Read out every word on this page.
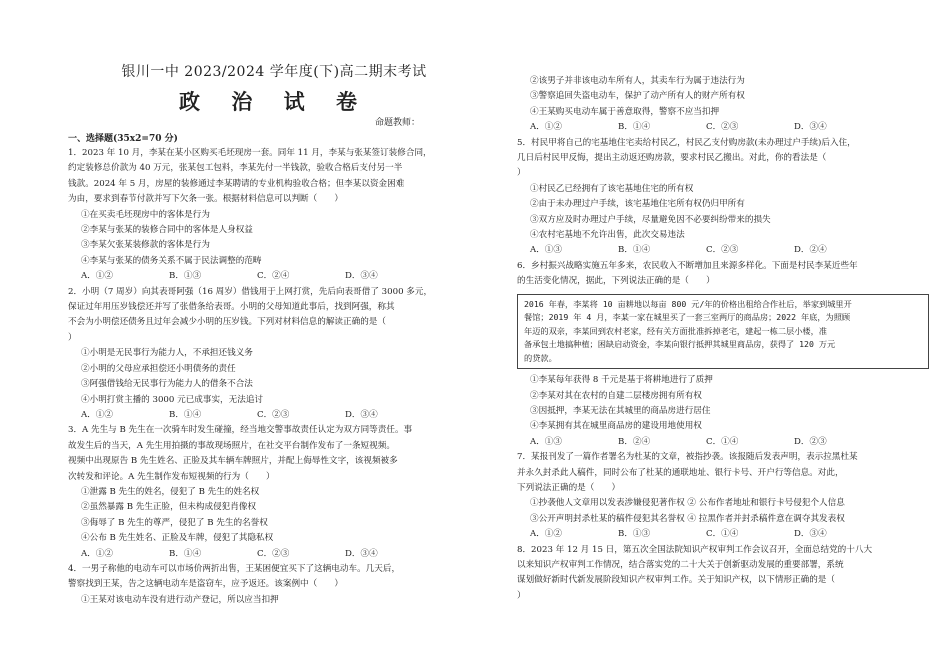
银川一中 2023/2024 学年度(下)高二期末考试
政 治 试 卷
命题教师：
一、选择题(35x2=70 分)

1．2023 年 10 月，李某在某小区购买毛坯现房一套。同年 11 月，李某与张某签订装修合同，

约定装修总价款为 40 万元，张某包工包料，李某先付一半钱款，验收合格后支付另一半

钱款。2024 年 5 月，房屋的装修通过李某聘请的专业机构验收合格；但李某以资金困难

为由，要求到春节付款并写下欠条一张。根据材料信息可以判断（　　）

①在买卖毛坯现房中的客体是行为

②李某与张某的装修合同中的客体是人身权益

③李某欠张某装修款的客体是行为

④李某与张某的债务关系不属于民法调整的范畴

A．①②	B．①③	C．②④	D．③④

2．小明（7 周岁）向其表哥阿强（16 周岁）借钱用于上网打赏，先后向表哥借了 3000 多元，

保证过年用压岁钱偿还并写了张借条给表哥。小明的父母知道此事后，找到阿强，称其

不会为小明偿还债务且过年会减少小明的压岁钱。下列对材料信息的解读正确的是（

）

①小明是无民事行为能力人，不承担还钱义务

②小明的父母应承担偿还小明债务的责任

③阿强借钱给无民事行为能力人的借条不合法

④小明打赏主播的 3000 元已成事实，无法追讨

A．①②	B．①④	C．②③	D．③④

3．A 先生与 B 先生在一次骑车时发生碰撞，经当地交警事故责任认定为双方同等责任。事

故发生后的当天，A 先生用拍摄的事故现场照片，在社交平台制作发布了一条短视频。

视频中出现原告 B 先生姓名、正脸及其车辆车牌照片，并配上侮辱性文字，该视频被多

次转发和评论。A 先生制作发布短视频的行为（　　）

①泄露 B 先生的姓名，侵犯了 B 先生的姓名权

②虽然暴露 B 先生正脸，但未构成侵犯肖像权

③侮辱了 B 先生的尊严，侵犯了 B 先生的名誉权

④公布 B 先生姓名、正脸及车牌，侵犯了其隐私权

A．①②	B．①④	C．②③	D．③④

4．一男子称他的电动车可以市场价两折出售，王某困便宜买下了这辆电动车。几天后，

警察找到王某，告之这辆电动车是盗窃车，应予返还。该案例中（　　）

①王某对该电动车没有进行动产登记，所以应当扣押

②该男子并非该电动车所有人，其卖车行为属于违法行为

③警察追回失盗电动车，保护了动产所有人的财产所有权

④王某购买电动车属于善意取得，警察不应当扣押

A．①②	B．①④	C．②③	D．③④

5．村民甲将自己的宅基地住宅卖给村民乙，村民乙支付购房款(未办理过户手续)后入住，

几日后村民甲反悔，提出主动返还购房款，要求村民乙搬出。对此，你的看法是（

）

①村民乙已经拥有了该宅基地住宅的所有权

②由于未办理过户手续，该宅基地住宅所有权仍归甲所有

③双方应及时办理过户手续，尽量避免因不必要纠纷带来的损失

④农村宅基地不允许出售，此次交易违法

A．①③	B．①④	C．②③	D．②④

6．乡村振兴战略实施五年多来，农民收入不断增加且来源多样化。下面是村民李某近些年

的生活变化情况，据此，下列说法正确的是（　　）

2016 年春，李某将 10 亩耕地以每亩 800 元/年的价格出租给合作社后，举家到城里开

餐馆；2019 年 4 月，李某一家在城里买了一套三室两厅的商品房；2022 年底，为照顾

年迈的双亲，李某回到农村老家，经有关方面批准拆掉老宅，建起一栋二层小楼，准

备承包土地搞种植；困缺启动资金，李某向银行抵押其城里商品房，获得了 120 万元

的贷款。

①李某每年获得 8 千元是基于将耕地进行了质押

②李某对其在农村的自建二层楼房拥有所有权

③因抵押，李某无法在其城里的商品房进行居住

④李某拥有其在城里商品房的建设用地使用权

A．①③	B．②④	C．①④	D．②③

7．某报刊发了一篇作者署名为杜某的文章，被指抄袭。该报随后发表声明，表示拉黑杜某

并永久封杀此人稿件，同时公布了杜某的通联地址、银行卡号、开户行等信息。对此，

下列说法正确的是（　　）

①抄袭他人文章用以发表涉嫌侵犯著作权 ② 公布作者地址和银行卡号侵犯个人信息

③公开声明封杀杜某的稿件侵犯其名誉权 ④ 拉黑作者并封杀稿件意在调夺其发表权

A．①②	B．①③	C．①④	D．③④

8．2023 年 12 月 15 日，第五次全国法院知识产权审判工作会议召开，全面总结党的十八大

以来知识产权审判工作情况，结合落实党的二十大关于创新驱动发展的重要部署，系统

谋划做好新时代新发展阶段知识产权审判工作。关于知识产权，以下情形正确的是（

）
